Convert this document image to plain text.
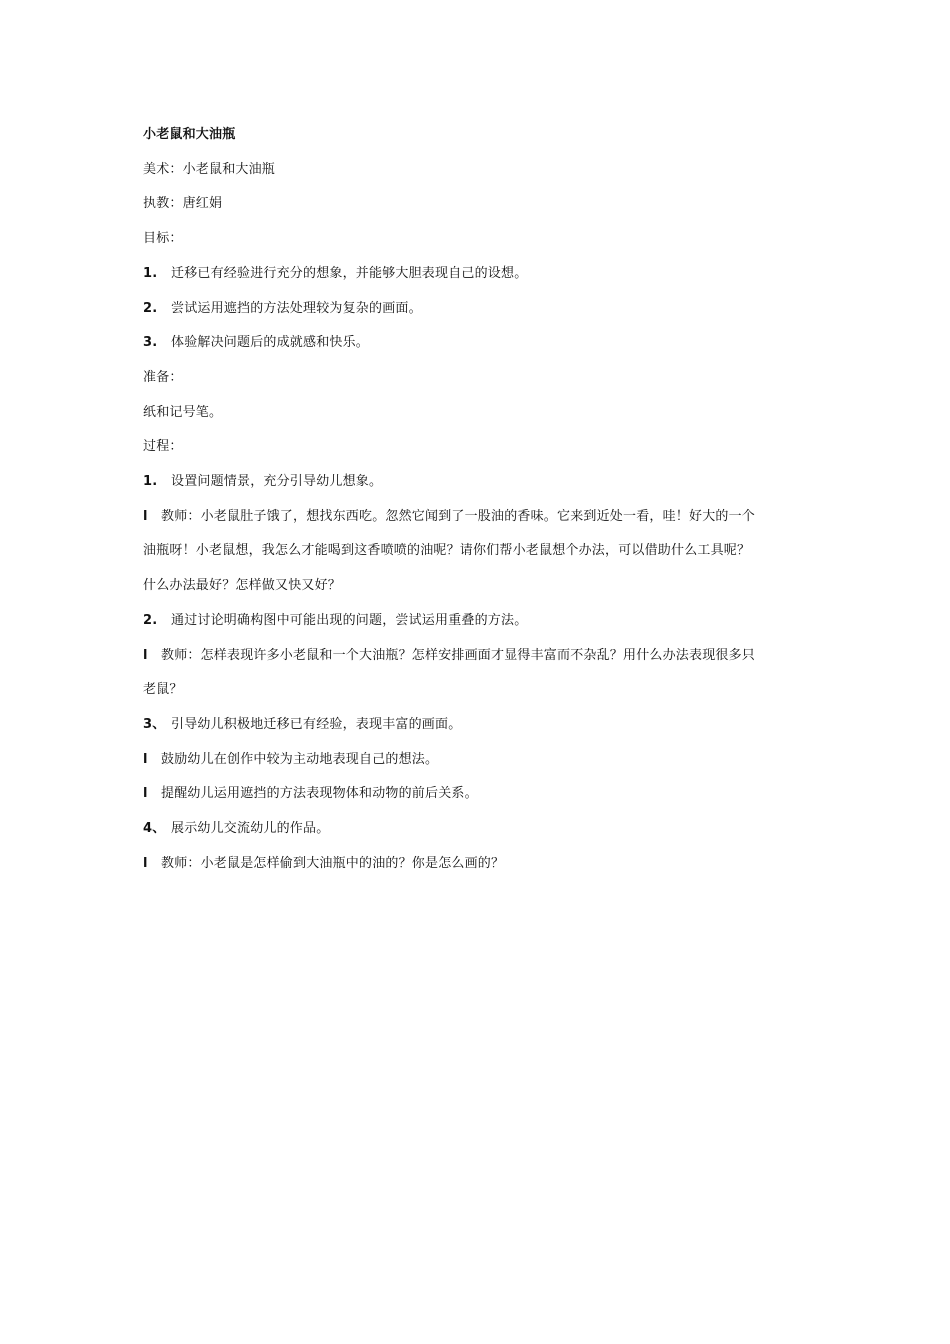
小老鼠和大油瓶
美术：小老鼠和大油瓶
执教：唐红娟
目标：
1. 迁移已有经验进行充分的想象，并能够大胆表现自己的设想。
2. 尝试运用遮挡的方法处理较为复杂的画面。
3. 体验解决问题后的成就感和快乐。
准备：
纸和记号笔。
过程：
1. 设置问题情景，充分引导幼儿想象。
l 教师：小老鼠肚子饿了，想找东西吃。忽然它闻到了一股油的香味。它来到近处一看，哇！好大的一个
油瓶呀！小老鼠想，我怎么才能喝到这香喷喷的油呢？请你们帮小老鼠想个办法，可以借助什么工具呢？
什么办法最好？怎样做又快又好？
2. 通过讨论明确构图中可能出现的问题，尝试运用重叠的方法。
l 教师：怎样表现许多小老鼠和一个大油瓶？怎样安排画面才显得丰富而不杂乱？用什么办法表现很多只
老鼠？
3、 引导幼儿积极地迁移已有经验，表现丰富的画面。
l 鼓励幼儿在创作中较为主动地表现自己的想法。
l 提醒幼儿运用遮挡的方法表现物体和动物的前后关系。
4、 展示幼儿交流幼儿的作品。
l 教师：小老鼠是怎样偷到大油瓶中的油的？你是怎么画的？
